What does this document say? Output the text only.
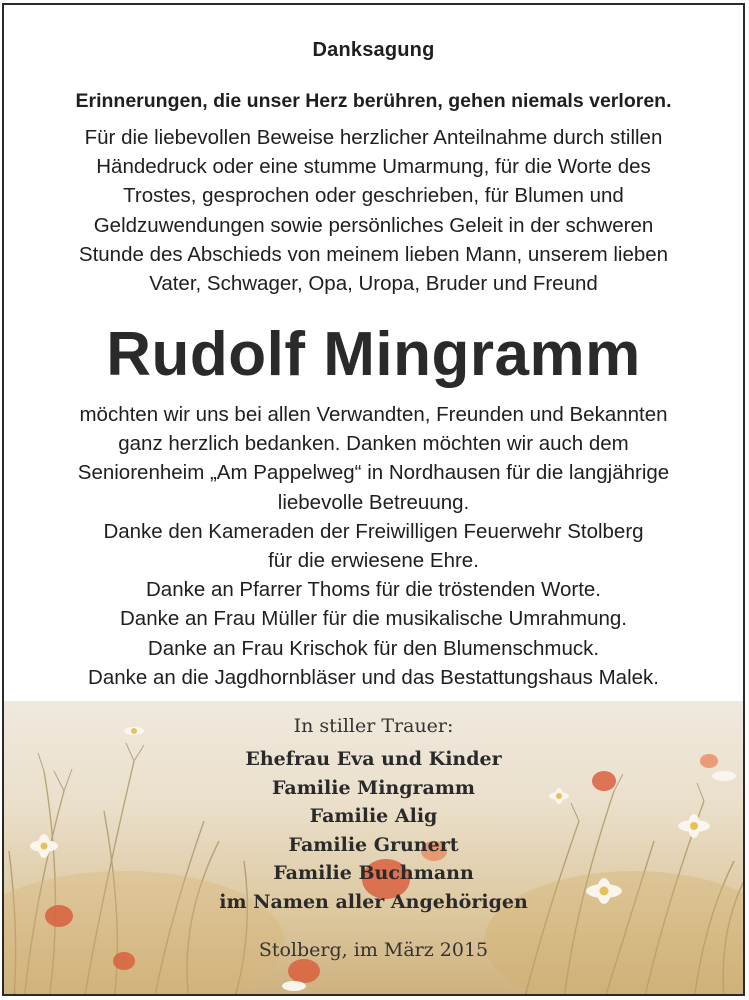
Danksagung
Erinnerungen, die unser Herz berühren, gehen niemals verloren.
Für die liebevollen Beweise herzlicher Anteilnahme durch stillen
Händedruck oder eine stumme Umarmung, für die Worte des
Trostes, gesprochen oder geschrieben, für Blumen und
Geldzuwendungen sowie persönliches Geleit in der schweren
Stunde des Abschieds von meinem lieben Mann, unserem lieben
Vater, Schwager, Opa, Uropa, Bruder und Freund
Rudolf Mingramm
möchten wir uns bei allen Verwandten, Freunden und Bekannten
ganz herzlich bedanken. Danken möchten wir auch dem
Seniorenheim „Am Pappelweg“ in Nordhausen für die langjährige
liebevolle Betreuung.
Danke den Kameraden der Freiwilligen Feuerwehr Stolberg
für die erwiesene Ehre.
Danke an Pfarrer Thoms für die tröstenden Worte.
Danke an Frau Müller für die musikalische Umrahmung.
Danke an Frau Krischok für den Blumenschmuck.
Danke an die Jagdhornbläser und das Bestattungshaus Malek.
In stiller Trauer:
Ehefrau Eva und Kinder
Familie Mingramm
Familie Alig
Familie Grunert
Familie Buchmann
im Namen aller Angehörigen
Stolberg, im März 2015
